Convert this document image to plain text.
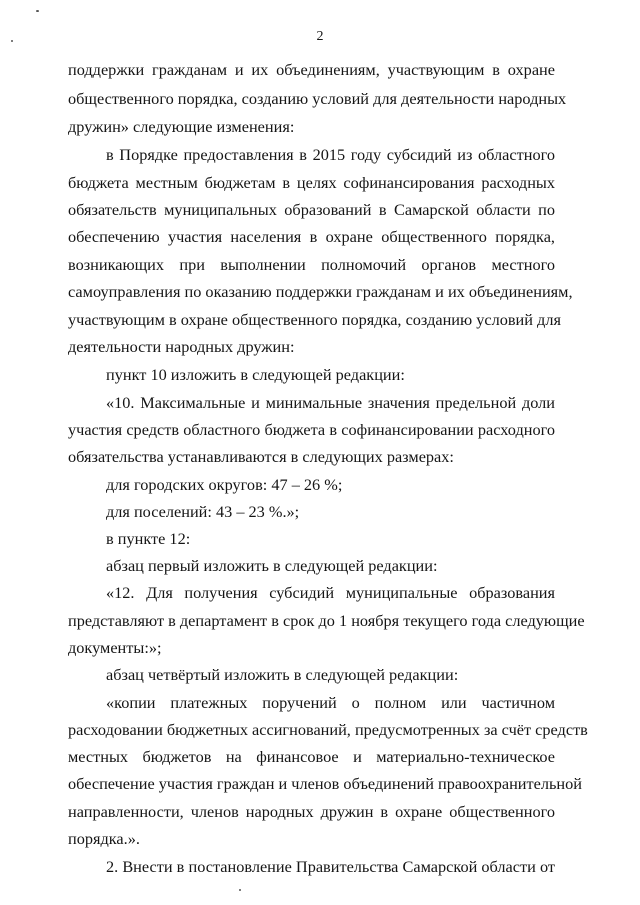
2
поддержки гражданам и их объединениям, участвующим в охране
общественного порядка, созданию условий для деятельности народных
дружин» следующие изменения:
в Порядке предоставления в 2015 году субсидий из областного
бюджета местным бюджетам в целях софинансирования расходных
обязательств муниципальных образований в Самарской области по
обеспечению участия населения в охране общественного порядка,
возникающих при выполнении полномочий органов местного
самоуправления по оказанию поддержки гражданам и их объединениям,
участвующим в охране общественного порядка, созданию условий для
деятельности народных дружин:
пункт 10 изложить в следующей редакции:
«10. Максимальные и минимальные значения предельной доли
участия средств областного бюджета в софинансировании расходного
обязательства устанавливаются в следующих размерах:
для городских округов: 47 – 26 %;
для поселений: 43 – 23 %.»;
в пункте 12:
абзац первый изложить в следующей редакции:
«12. Для получения субсидий муниципальные образования
представляют в департамент в срок до 1 ноября текущего года следующие
документы:»;
абзац четвёртый изложить в следующей редакции:
«копии платежных поручений о полном или частичном
расходовании бюджетных ассигнований, предусмотренных за счёт средств
местных бюджетов на финансовое и материально-техническое
обеспечение участия граждан и членов объединений правоохранительной
направленности, членов народных дружин в охране общественного
порядка.».
2. Внести в постановление Правительства Самарской области от
